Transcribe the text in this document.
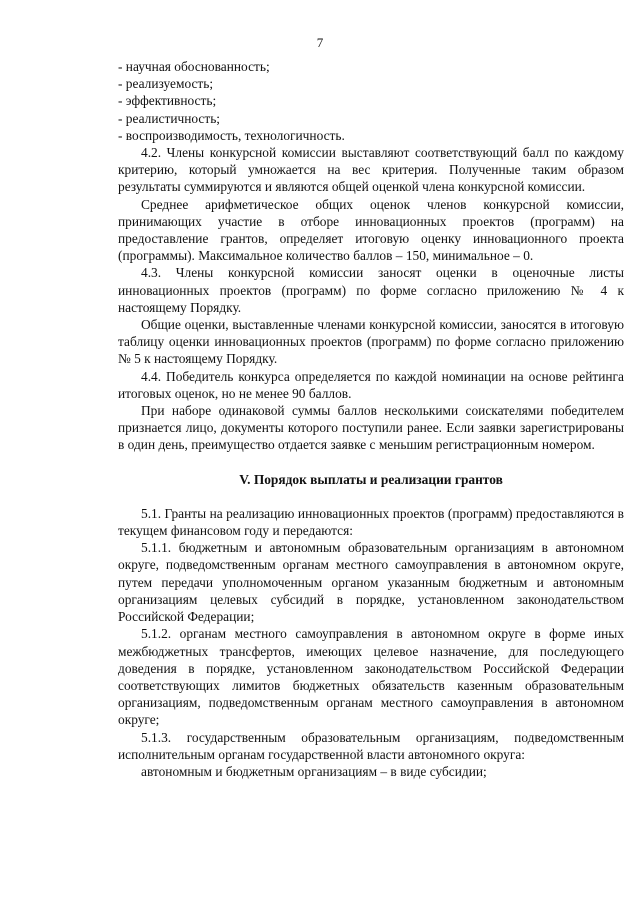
7

- научная обоснованность;

- реализуемость;

- эффективность;

- реалистичность;

- воспроизводимость, технологичность.

4.2. Члены конкурсной комиссии выставляют соответствующий балл по каждому критерию, который умножается на вес критерия. Полученные таким образом результаты суммируются и являются общей оценкой члена конкурсной комиссии.

Среднее арифметическое общих оценок членов конкурсной комиссии, принимающих участие в отборе инновационных проектов (программ) на предоставление грантов, определяет итоговую оценку инновационного проекта (программы). Максимальное количество баллов – 150, минимальное – 0.

4.3. Члены конкурсной комиссии заносят оценки в оценочные листы инновационных проектов (программ) по форме согласно приложению № 4 к настоящему Порядку.

Общие оценки, выставленные членами конкурсной комиссии, заносятся в итоговую таблицу оценки инновационных проектов (программ) по форме согласно приложению № 5 к настоящему Порядку.

4.4. Победитель конкурса определяется по каждой номинации на основе рейтинга итоговых оценок, но не менее 90 баллов.

При наборе одинаковой суммы баллов несколькими соискателями победителем признается лицо, документы которого поступили ранее. Если заявки зарегистрированы в один день, преимущество отдается заявке с меньшим регистрационным номером.

V. Порядок выплаты и реализации грантов

5.1. Гранты на реализацию инновационных проектов (программ) предоставляются в текущем финансовом году и передаются:

5.1.1. бюджетным и автономным образовательным организациям в автономном округе, подведомственным органам местного самоуправления в автономном округе, путем передачи уполномоченным органом указанным бюджетным и автономным организациям целевых субсидий в порядке, установленном законодательством Российской Федерации;

5.1.2. органам местного самоуправления в автономном округе в форме иных межбюджетных трансфертов, имеющих целевое назначение, для последующего доведения в порядке, установленном законодательством Российской Федерации соответствующих лимитов бюджетных обязательств казенным образовательным организациям, подведомственным органам местного самоуправления в автономном округе;

5.1.3. государственным образовательным организациям, подведомственным исполнительным органам государственной власти автономного округа:

автономным и бюджетным организациям – в виде субсидии;
